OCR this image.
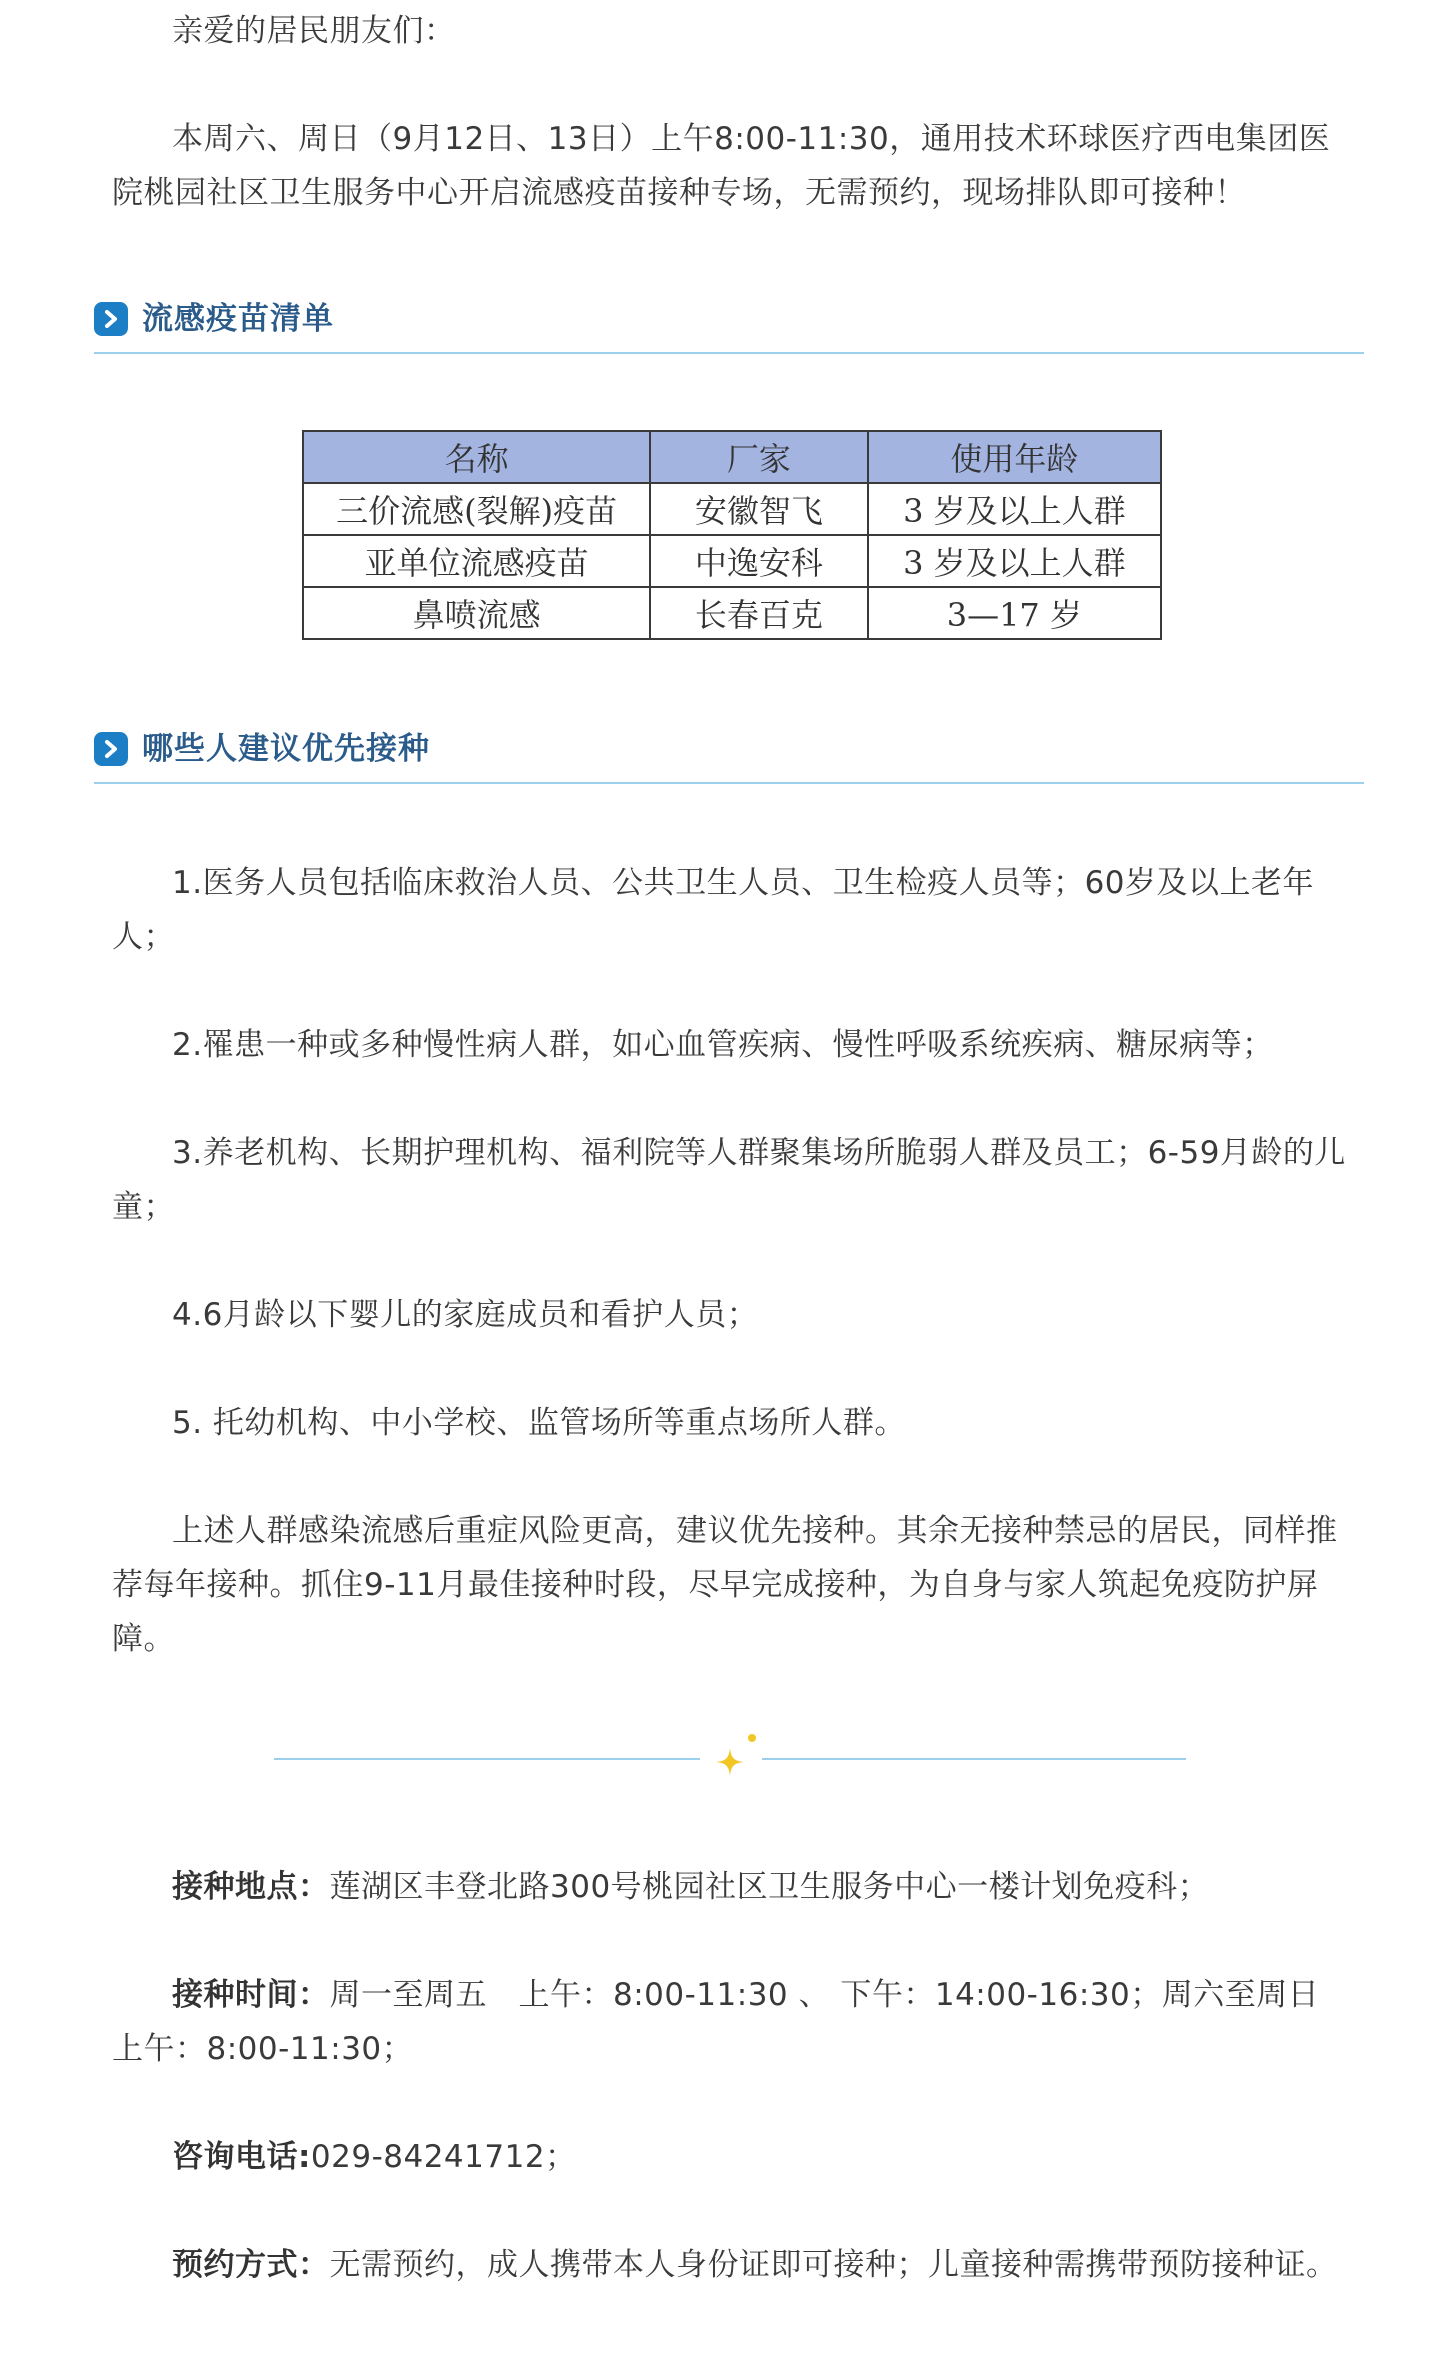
亲爱的居民朋友们：

本周六、周日（9月12日、13日）上午8:00-11:30，通用技术环球医疗西电集团医院桃园社区卫生服务中心开启流感疫苗接种专场，无需预约，现场排队即可接种！

流感疫苗清单
名称	厂家	使用年龄
三价流感(裂解)疫苗	安徽智飞	3 岁及以上人群
亚单位流感疫苗	中逸安科	3 岁及以上人群
鼻喷流感	长春百克	3—17 岁
哪些人建议优先接种

1.医务人员包括临床救治人员、公共卫生人员、卫生检疫人员等；60岁及以上老年人；

2.罹患一种或多种慢性病人群，如心血管疾病、慢性呼吸系统疾病、糖尿病等；

3.养老机构、长期护理机构、福利院等人群聚集场所脆弱人群及员工；6-59月龄的儿童；

4.6月龄以下婴儿的家庭成员和看护人员；

5. 托幼机构、中小学校、监管场所等重点场所人群。

上述人群感染流感后重症风险更高，建议优先接种。其余无接种禁忌的居民，同样推荐每年接种。抓住9-11月最佳接种时段，尽早完成接种，为自身与家人筑起免疫防护屏障。

接种地点：莲湖区丰登北路300号桃园社区卫生服务中心一楼计划免疫科；

接种时间：周一至周五　上午：8:00-11:30 、 下午：14:00-16:30；周六至周日　上午：8:00-11:30；

咨询电话:029-84241712；

预约方式：无需预约，成人携带本人身份证即可接种；儿童接种需携带预防接种证。
